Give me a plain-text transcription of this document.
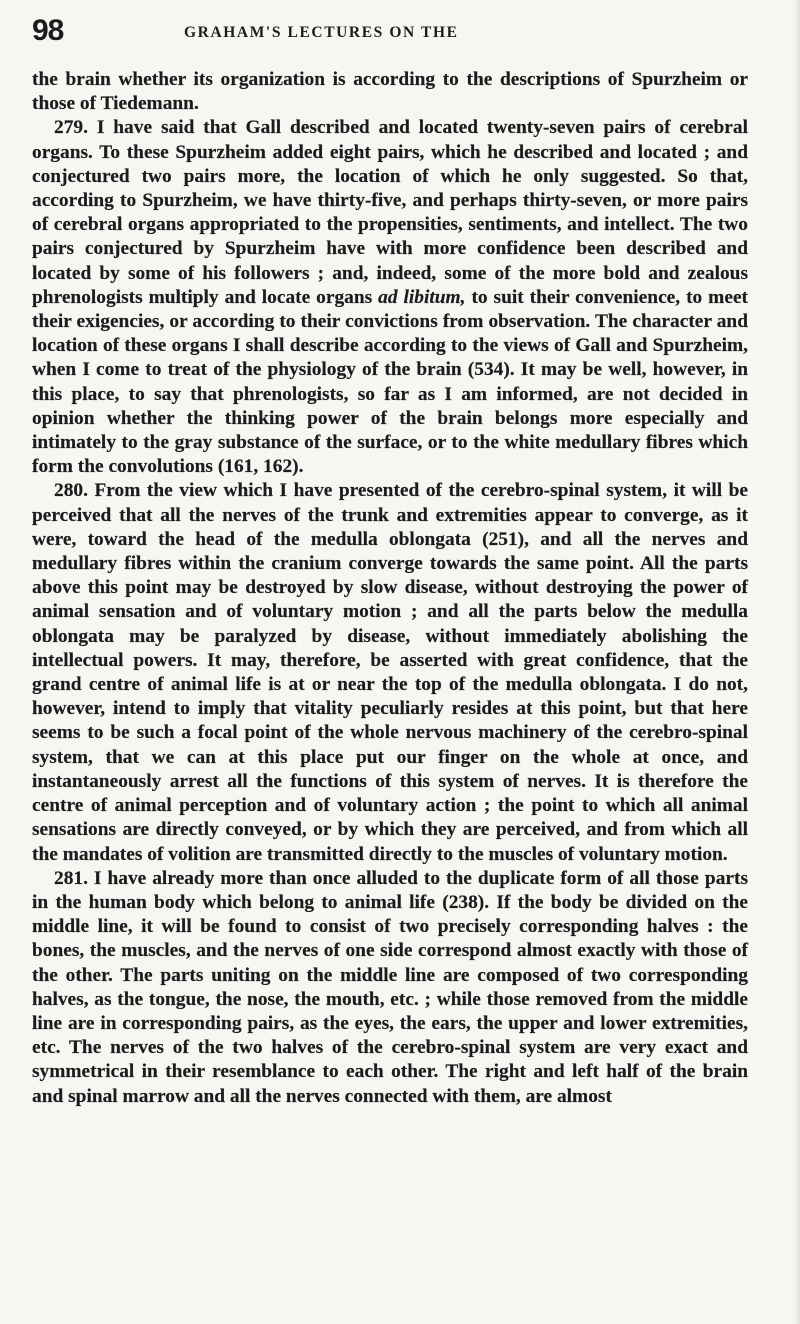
98	GRAHAM'S LECTURES ON THE

the brain whether its organization is according to the descriptions of Spurzheim or those of Tiedemann.

279. I have said that Gall described and located twenty-seven pairs of cerebral organs. To these Spurzheim added eight pairs, which he described and located ; and conjectured two pairs more, the location of which he only suggested. So that, according to Spurzheim, we have thirty-five, and perhaps thirty-seven, or more pairs of cerebral organs appropriated to the propensities, sentiments, and intellect. The two pairs conjectured by Spurzheim have with more confidence been described and located by some of his followers ; and, indeed, some of the more bold and zealous phrenologists multiply and locate organs ad libitum, to suit their convenience, to meet their exigencies, or according to their convictions from observation. The character and location of these organs I shall describe according to the views of Gall and Spurzheim, when I come to treat of the physiology of the brain (534). It may be well, however, in this place, to say that phrenologists, so far as I am informed, are not decided in opinion whether the thinking power of the brain belongs more especially and intimately to the gray substance of the surface, or to the white medullary fibres which form the convolutions (161, 162).

280. From the view which I have presented of the cerebro-spinal system, it will be perceived that all the nerves of the trunk and extremities appear to converge, as it were, toward the head of the medulla oblongata (251), and all the nerves and medullary fibres within the cranium converge towards the same point. All the parts above this point may be destroyed by slow disease, without destroying the power of animal sensation and of voluntary motion ; and all the parts below the medulla oblongata may be paralyzed by disease, without immediately abolishing the intellectual powers. It may, therefore, be asserted with great confidence, that the grand centre of animal life is at or near the top of the medulla oblongata. I do not, however, intend to imply that vitality peculiarly resides at this point, but that here seems to be such a focal point of the whole nervous machinery of the cerebro-spinal system, that we can at this place put our finger on the whole at once, and instantaneously arrest all the functions of this system of nerves. It is therefore the centre of animal perception and of voluntary action ; the point to which all animal sensations are directly conveyed, or by which they are perceived, and from which all the mandates of volition are transmitted directly to the muscles of voluntary motion.

281. I have already more than once alluded to the duplicate form of all those parts in the human body which belong to animal life (238). If the body be divided on the middle line, it will be found to consist of two precisely corresponding halves : the bones, the muscles, and the nerves of one side correspond almost exactly with those of the other. The parts uniting on the middle line are composed of two corresponding halves, as the tongue, the nose, the mouth, etc. ; while those removed from the middle line are in corresponding pairs, as the eyes, the ears, the upper and lower extremities, etc. The nerves of the two halves of the cerebro-spinal system are very exact and symmetrical in their resemblance to each other. The right and left half of the brain and spinal marrow and all the nerves connected with them, are almost
